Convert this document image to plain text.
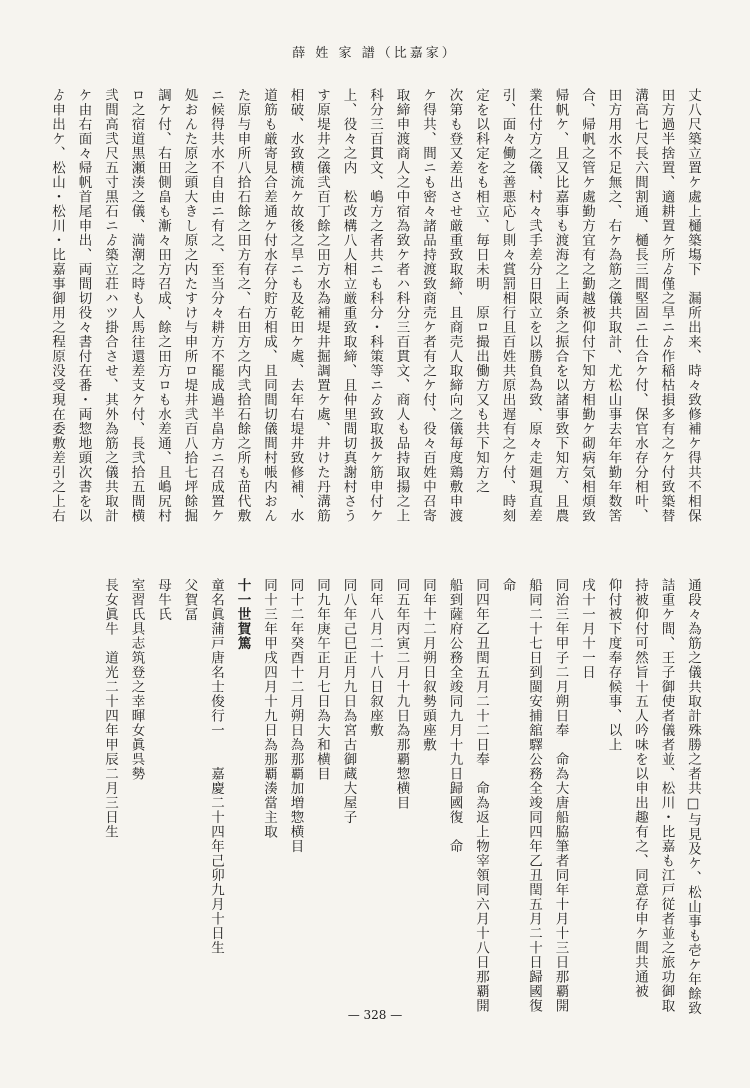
薛 姓 家 譜（比嘉家）
丈八尺築立置ケ處上樋築塲下　漏所出来、時々致修補ケ得共不相保
田方過半捨置、適耕置ケ所ゟ僅之旱ニゟ作稲枯損多有之ケ付致築替
溝高七尺長六間割通、樋長三間堅固ニ仕合ケ付、保官水存分相叶、
田方用水不足無之、右ケ為筋之儀共取計、尤松山事去年年勤年数筈
合、帰帆之管ケ處勤方宜有之勤越被仰付下知方相勤ケ砌病気相煩致
帰帆ケ、且又比嘉事も渡海之上両条之振合を以諸事致下知方、且農
業仕付方之儀、村々弐手差分日限立を以勝負為致、原々走廻現直差
引、面々働之善悪応し則々賞罰相行且百姓共原出遅有之ケ付、時刻
定を以科定をも相立、毎日未明　原ロ撮出働方又も共下知方之
次第も登又差出させ厳重致取締、且商売人取締向之儀毎度鶏敷申渡
ケ得共、間ニも密々諸品持渡致商売ケ者有之ケ付、役々百姓中召寄
取締申渡商人之中宿為致ケ者ハ科分三百貫文、商人も品持取揚之上
科分三百貫文、嶋方之者共ニも科分・科策等ニゟ致取扱ケ筋申付ケ
上、役々之内　松改構八人相立厳重致取締、且仲里間切真謝村さう
す原堤井之儀弐百丁餘之田方水為補堤井掘調置ケ處、井けた丹溝筋
相破、水致横流ケ故後之旱ニも及乾田ケ處、去年右堤井致修補、水
道筋も厳寄見合差通ケ付水存分貯方相成、且同間切儀間村帳内おん
た原与申所八拾石餘之田方有之、右田方之内弐拾石餘之所も苗代敷
ニ候得共水不自由ニ有之、至当分々耕方不罷成過半畠方ニ召成置ケ
処おんた原之頭大きし原之内たすけ与申所ロ堤井弐百八拾七坪餘掘
調ケ付、右田側畠も漸々田方召成、餘之田方ロも水差通、且嶋尻村
ロ之宿道黒瀬湊之儀、満潮之時も人馬往還差支ケ付、長弐拾五間横
弐間高弐尺五寸黒石ニゟ築立荘ハツ掛合させ、其外為筋之儀共取計
ケ由右面々帰帆首尾申出、両間切役々書付在番・両惣地頭次書を以
ゟ申出ケ、松山・松川・比嘉事御用之程原没受現在委敷差引之上右
通段々為筋之儀共取計殊勝之者共□与見及ケ、松山事も壱ケ年餘致
詰重ケ間、王子御使者儀者並、松川・比嘉も江戸従者並之旅功御取
持被仰付可然旨十五人吟味を以申出趣有之、同意存申ケ間共通被
仰付被下度奉存候事、以上
戌十一月十一日
同治三年甲子二月朔日奉　命為大唐船脇筆者同年十月十三日那覇開
船同二十七日到閩安捕舘驛公務全竣同四年乙丑閏五月二十日歸國復
命
同四年乙丑閏五月二十二日奉　命為返上物宰領同六月十八日那覇開
船到薩府公務全竣同九月十九日歸國復　命
同年十二月朔日叙勢頭座敷
同五年丙寅二月十九日為那覇惣横目
同年八月二十八日叙座敷
同八年己巳正月九日為宮古御蔵大屋子
同九年庚午正月七日為大和横目
同十二年癸酉十二月朔日為那覇加増惣横目
同十三年甲戌四月十九日為那覇湊當主取
十一世賀篤
童名眞蒲戸唐名士俊行一　　嘉慶二十四年己卯九月十日生
父賀冨
母牛氏
室習氏具志筑登之幸暉女眞呉勢
長女眞牛　道光二十四年甲辰二月三日生
— 328 —
